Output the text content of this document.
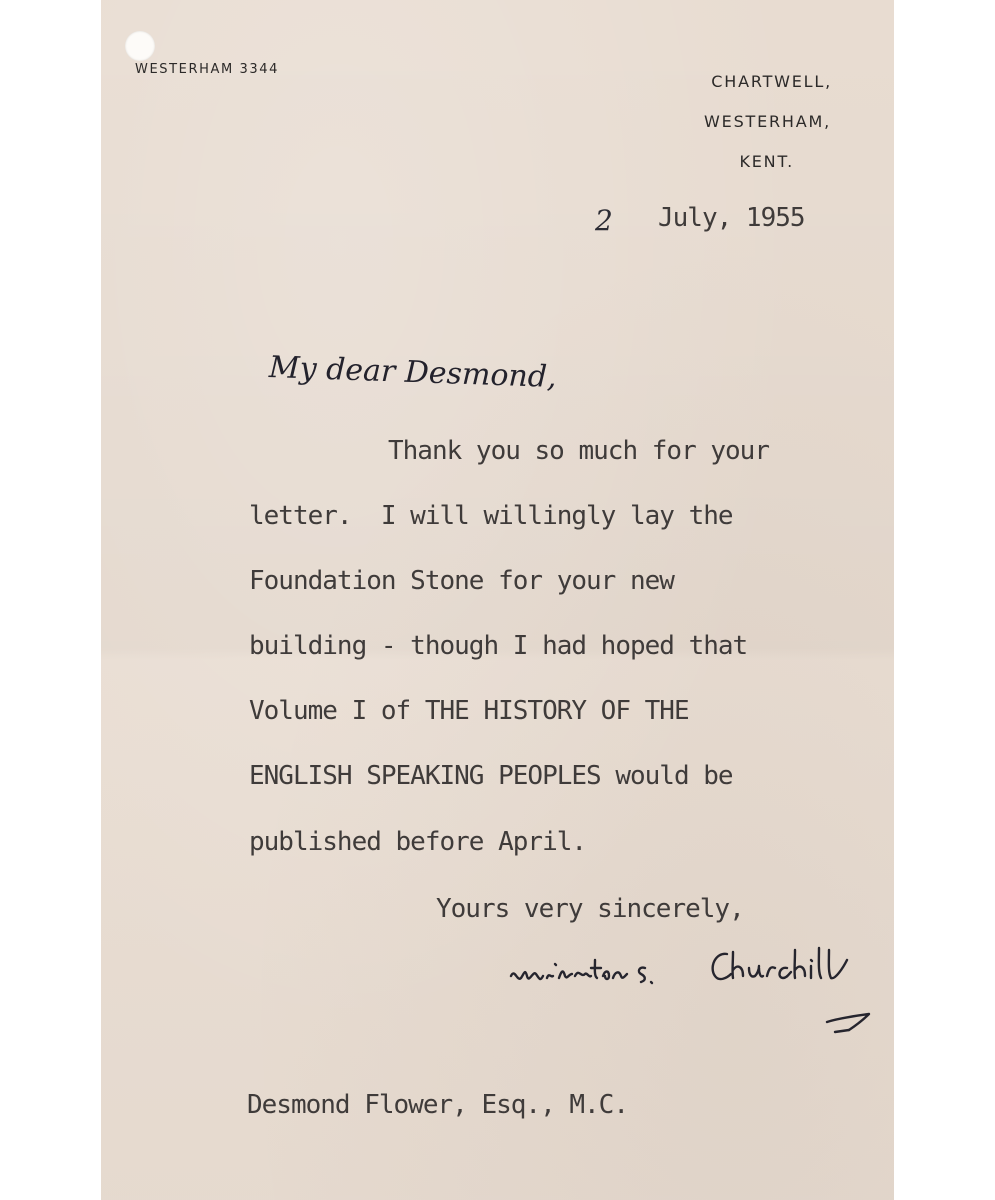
WESTERHAM 3344
CHARTWELL,
WESTERHAM,
KENT.
2 July, 1955
My dear Desmond,
Thank you so much for your
letter.  I will willingly lay the
Foundation Stone for your new
building - though I had hoped that
Volume I of THE HISTORY OF THE
ENGLISH SPEAKING PEOPLES would be
published before April.
Yours very sincerely,
Desmond Flower, Esq., M.C.
